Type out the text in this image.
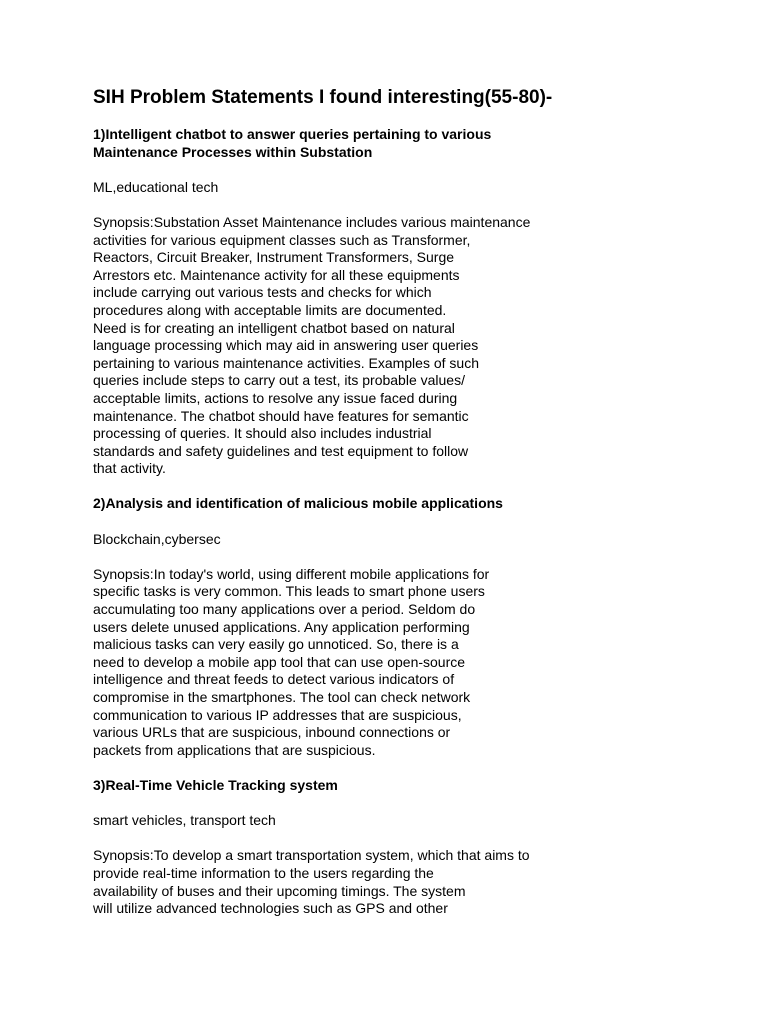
SIH Problem Statements I found interesting(55-80)-

1)Intelligent chatbot to answer queries pertaining to various
Maintenance Processes within Substation

ML,educational tech

Synopsis:Substation Asset Maintenance includes various maintenance
activities for various equipment classes such as Transformer,
Reactors, Circuit Breaker, Instrument Transformers, Surge
Arrestors etc. Maintenance activity for all these equipments
include carrying out various tests and checks for which
procedures along with acceptable limits are documented.
Need is for creating an intelligent chatbot based on natural
language processing which may aid in answering user queries
pertaining to various maintenance activities. Examples of such
queries include steps to carry out a test, its probable values/
acceptable limits, actions to resolve any issue faced during
maintenance. The chatbot should have features for semantic
processing of queries. It should also includes industrial
standards and safety guidelines and test equipment to follow
that activity.

2)Analysis and identification of malicious mobile applications

Blockchain,cybersec

Synopsis:In today's world, using different mobile applications for
specific tasks is very common. This leads to smart phone users
accumulating too many applications over a period. Seldom do
users delete unused applications. Any application performing
malicious tasks can very easily go unnoticed. So, there is a
need to develop a mobile app tool that can use open-source
intelligence and threat feeds to detect various indicators of
compromise in the smartphones. The tool can check network
communication to various IP addresses that are suspicious,
various URLs that are suspicious, inbound connections or
packets from applications that are suspicious.

3)Real-Time Vehicle Tracking system

smart vehicles, transport tech

Synopsis:To develop a smart transportation system, which that aims to
provide real-time information to the users regarding the
availability of buses and their upcoming timings. The system
will utilize advanced technologies such as GPS and other
